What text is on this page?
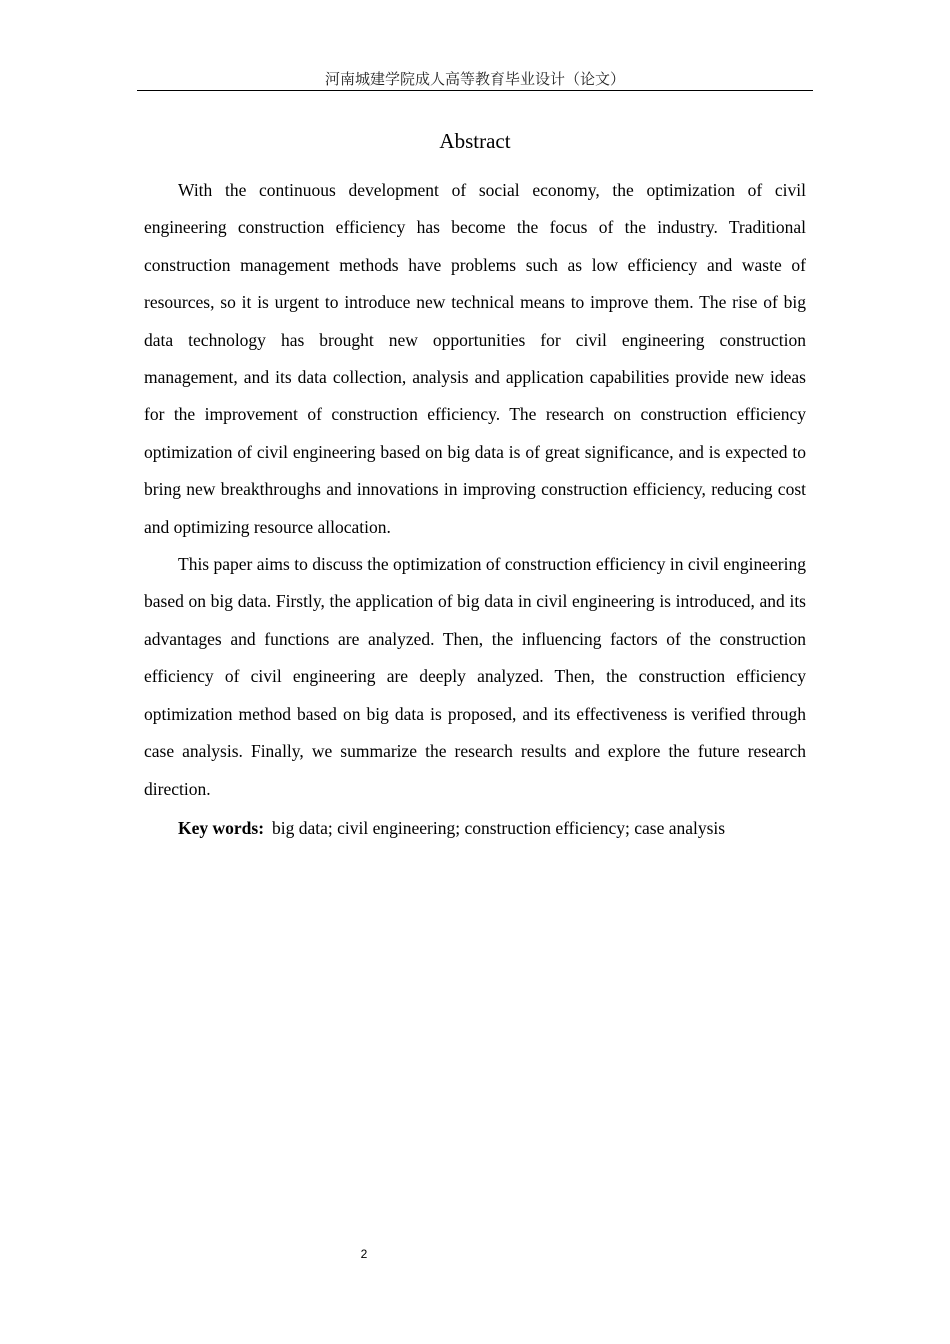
河南城建学院成人高等教育毕业设计（论文）
Abstract

With the continuous development of social economy, the optimization of civil engineering construction efficiency has become the focus of the industry. Traditional construction management methods have problems such as low efficiency and waste of resources, so it is urgent to introduce new technical means to improve them. The rise of big data technology has brought new opportunities for civil engineering construction management, and its data collection, analysis and application capabilities provide new ideas for the improvement of construction efficiency. The research on construction efficiency optimization of civil engineering based on big data is of great significance, and is expected to bring new breakthroughs and innovations in improving construction efficiency, reducing cost and optimizing resource allocation.

This paper aims to discuss the optimization of construction efficiency in civil engineering based on big data. Firstly, the application of big data in civil engineering is introduced, and its advantages and functions are analyzed. Then, the influencing factors of the construction efficiency of civil engineering are deeply analyzed. Then, the construction efficiency optimization method based on big data is proposed, and its effectiveness is verified through case analysis. Finally, we summarize the research results and explore the future research direction.

Key words: big data; civil engineering; construction efficiency; case analysis

2
